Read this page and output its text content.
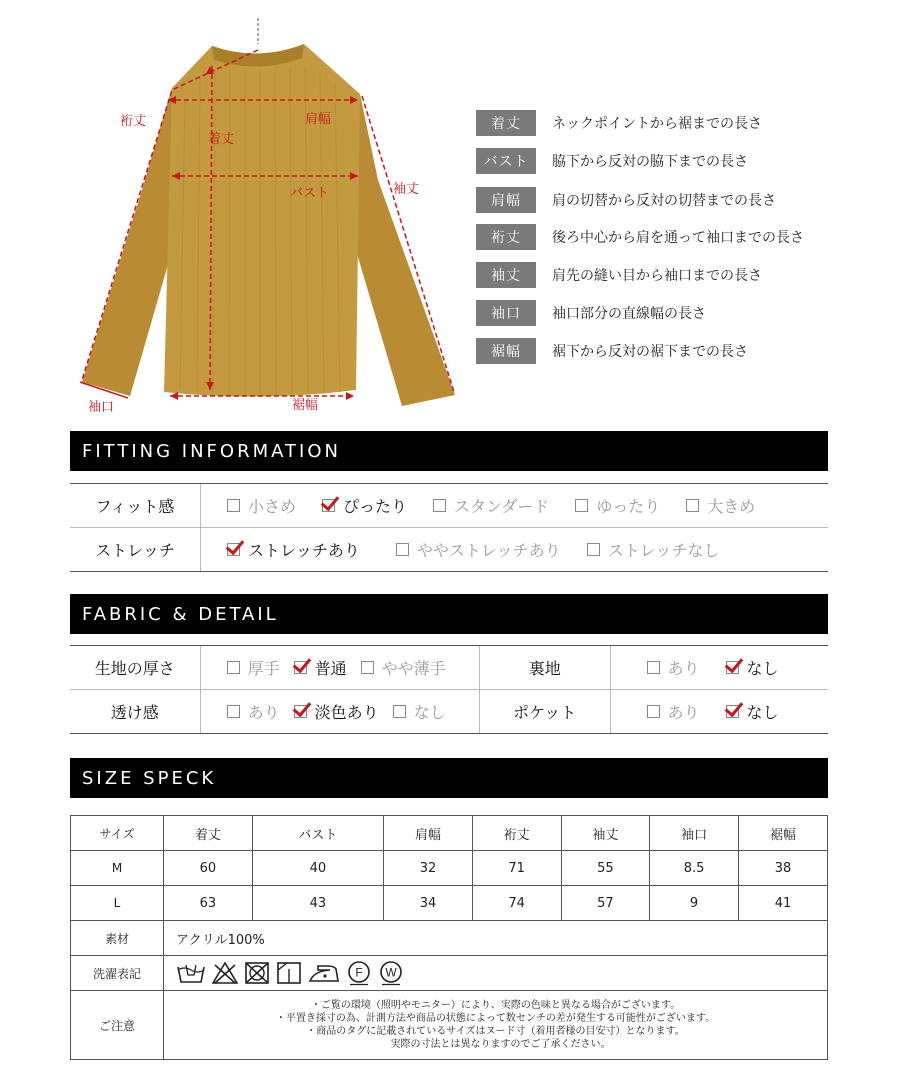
裄丈
着丈
肩幅
袖丈
バスト
袖口	裾幅
着丈	ネックポイントから裾までの長さ
バスト	脇下から反対の脇下までの長さ
肩幅	肩の切替から反対の切替までの長さ
裄丈	後ろ中心から肩を通って袖口までの長さ
袖丈	肩先の縫い目から袖口までの長さ
袖口	袖口部分の直線幅の長さ
裾幅	裾下から反対の裾下までの長さ
FITTING INFORMATION
フィット感	小さめ	ぴったり	スタンダード	ゆったり	大きめ
ストレッチ	ストレッチあり	ややストレッチあり	ストレッチなし
FABRIC & DETAIL
生地の厚さ	厚手 普通 やや薄手	裏地	あり	なし
透け感	あり 淡色あり なし	ポケット	あり	なし
SIZE SPECK
サイズ	着丈	バスト	肩幅	裄丈	袖丈	袖口	裾幅
M	60	40	32	71	55	8.5	38
L	63	43	34	74	57	9	41
素材	アクリル100%						
洗濯表記	F W						

ご注意	・ご覧の環境（照明やモニター）により、実際の色味と異なる場合がございます。
・平置き採寸の為、計測方法や商品の状態によって数センチの差が発生する可能性がございます。
・商品のタグに記載されているサイズはヌード寸（着用者様の目安寸）となります。
　実際の寸法とは異なりますのでご了承ください。						
